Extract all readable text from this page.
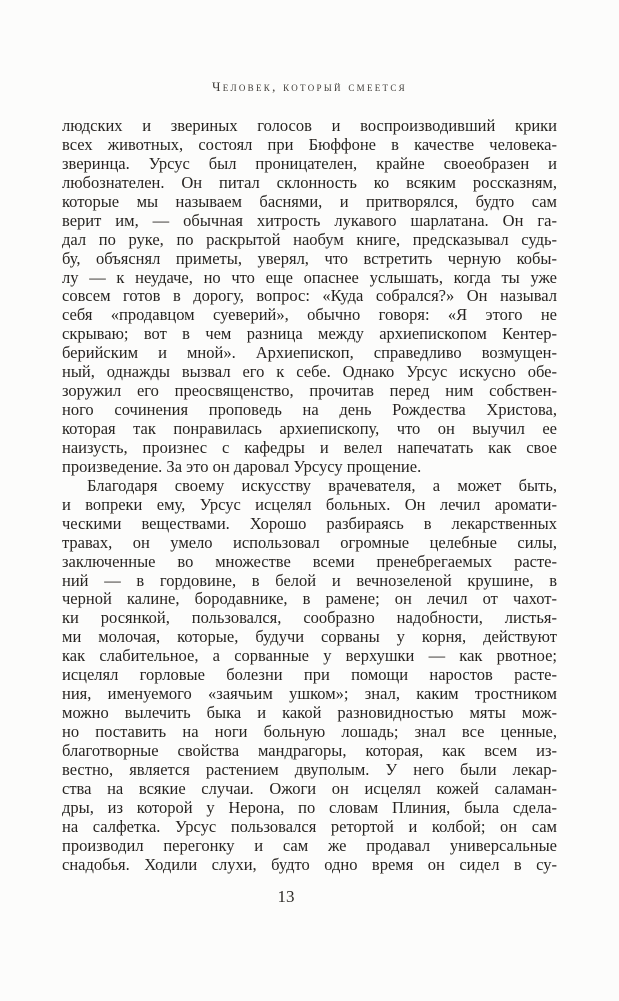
Человек, который смеется
людских и звериных голосов и воспроизводивший крики
всех животных, состоял при Бюффоне в качестве человека-
зверинца. Урсус был проницателен, крайне своеобразен и
любознателен. Он питал склонность ко всяким россказням,
которые мы называем баснями, и притворялся, будто сам
верит им, — обычная хитрость лукавого шарлатана. Он га-
дал по руке, по раскрытой наобум книге, предсказывал судь-
бу, объяснял приметы, уверял, что встретить черную кобы-
лу — к неудаче, но что еще опаснее услышать, когда ты уже
совсем готов в дорогу, вопрос: «Куда собрался?» Он называл
себя «продавцом суеверий», обычно говоря: «Я этого не
скрываю; вот в чем разница между архиепископом Кентер-
берийским и мной». Архиепископ, справедливо возмущен-
ный, однажды вызвал его к себе. Однако Урсус искусно обе-
зоружил его преосвященство, прочитав перед ним собствен-
ного сочинения проповедь на день Рождества Христова,
которая так понравилась архиепископу, что он выучил ее
наизусть, произнес с кафедры и велел напечатать как свое
произведение. За это он даровал Урсусу прощение.
Благодаря своему искусству врачевателя, а может быть,
и вопреки ему, Урсус исцелял больных. Он лечил аромати-
ческими веществами. Хорошо разбираясь в лекарственных
травах, он умело использовал огромные целебные силы,
заключенные во множестве всеми пренебрегаемых расте-
ний — в гордовине, в белой и вечнозеленой крушине, в
черной калине, бородавнике, в рамене; он лечил от чахот-
ки росянкой, пользовался, сообразно надобности, листья-
ми молочая, которые, будучи сорваны у корня, действуют
как слабительное, а сорванные у верхушки — как рвотное;
исцелял горловые болезни при помощи наростов расте-
ния, именуемого «заячьим ушком»; знал, каким тростником
можно вылечить быка и какой разновидностью мяты мож-
но поставить на ноги больную лошадь; знал все ценные,
благотворные свойства мандрагоры, которая, как всем из-
вестно, является растением двуполым. У него были лекар-
ства на всякие случаи. Ожоги он исцелял кожей саламан-
дры, из которой у Нерона, по словам Плиния, была сдела-
на салфетка. Урсус пользовался ретортой и колбой; он сам
производил перегонку и сам же продавал универсальные
снадобья. Ходили слухи, будто одно время он сидел в су-
13
